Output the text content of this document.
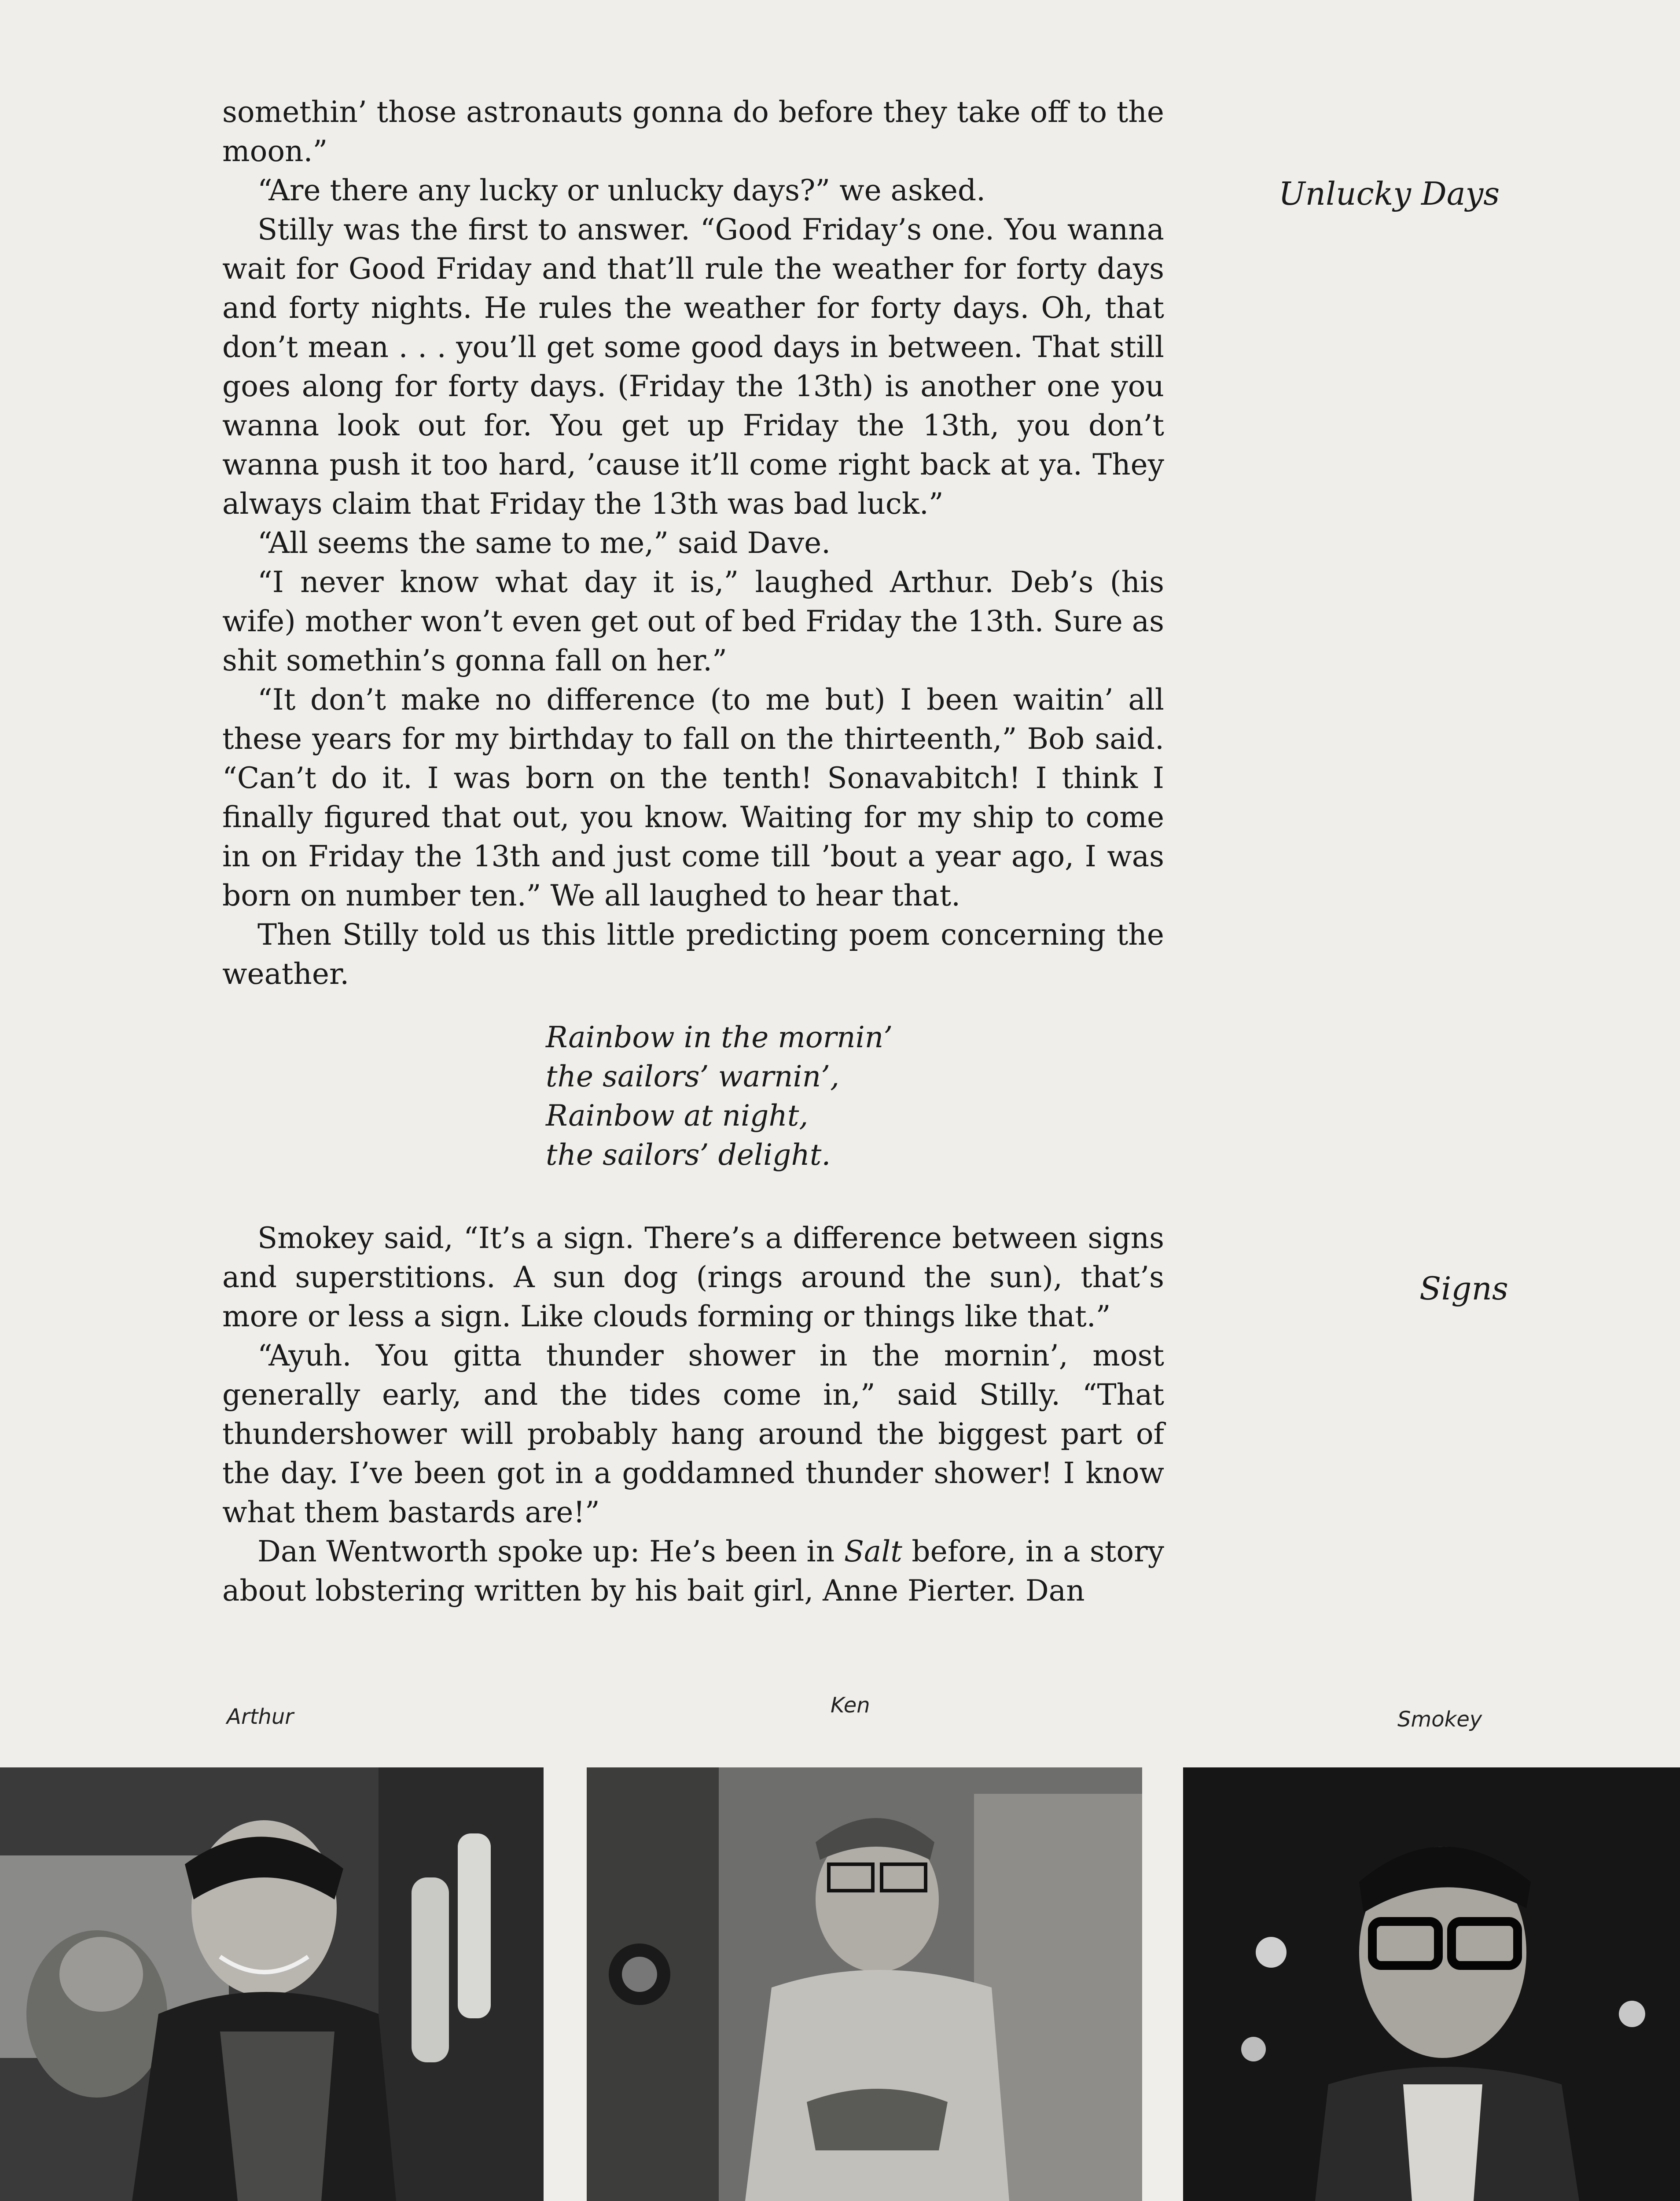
somethin’ those astronauts gonna do before they take off to the moon.”

“Are there any lucky or unlucky days?” we asked.

Stilly was the first to answer. “Good Friday’s one. You wanna wait for Good Friday and that’ll rule the weather for forty days and forty nights. He rules the weather for forty days. Oh, that don’t mean . . . you’ll get some good days in between. That still goes along for forty days. (Friday the 13th) is another one you wanna look out for. You get up Friday the 13th, you don’t wanna push it too hard, ’cause it’ll come right back at ya. They always claim that Friday the 13th was bad luck.”

“All seems the same to me,” said Dave.

“I never know what day it is,” laughed Arthur. Deb’s (his wife) mother won’t even get out of bed Friday the 13th. Sure as shit somethin’s gonna fall on her.”

“It don’t make no difference (to me but) I been waitin’ all these years for my birthday to fall on the thirteenth,” Bob said. “Can’t do it. I was born on the tenth! Sonavabitch! I think I finally figured that out, you know. Waiting for my ship to come in on Friday the 13th and just come till ’bout a year ago, I was born on number ten.” We all laughed to hear that.

Then Stilly told us this little predicting poem concerning the weather.

Rainbow in the mornin’
the sailors’ warnin’,
Rainbow at night,
the sailors’ delight.

Smokey said, “It’s a sign. There’s a difference between signs and superstitions. A sun dog (rings around the sun), that’s more or less a sign. Like clouds forming or things like that.”

“Ayuh. You gitta thunder shower in the mornin’, most generally early, and the tides come in,” said Stilly. “That thundershower will probably hang around the biggest part of the day. I’ve been got in a goddamned thunder shower! I know what them bastards are!”

Dan Wentworth spoke up: He’s been in Salt before, in a story about lobstering written by his bait girl, Anne Pierter. Dan

Unlucky Days
Signs
Arthur	Ken
Smokey
